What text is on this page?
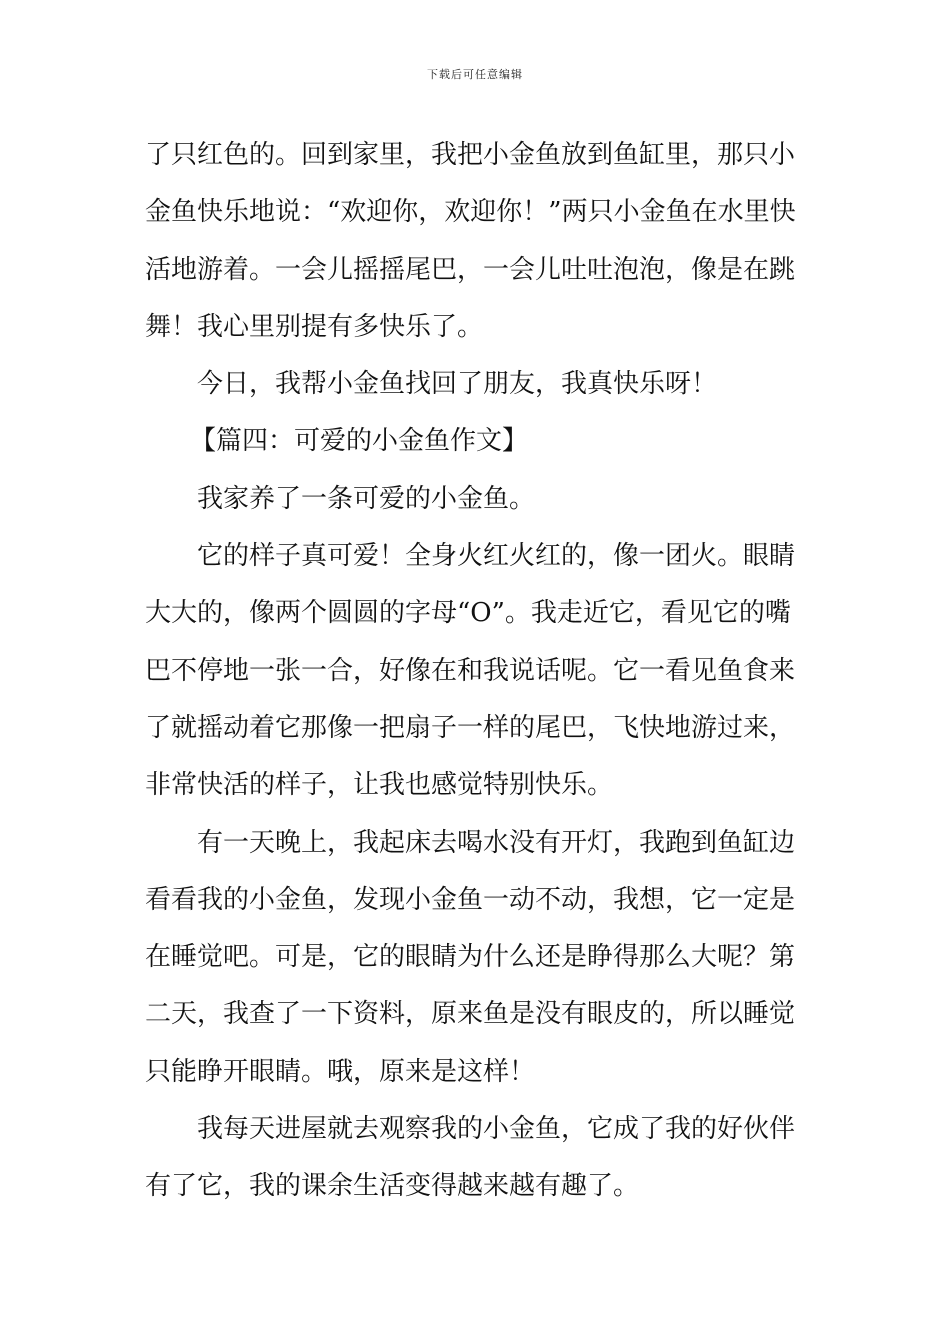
下载后可任意编辑

了只红色的。回到家里，我把小金鱼放到鱼缸里，那只小金鱼快乐地说：“欢迎你，欢迎你！”两只小金鱼在水里快活地游着。一会儿摇摇尾巴，一会儿吐吐泡泡，像是在跳舞！我心里别提有多快乐了。

今日，我帮小金鱼找回了朋友，我真快乐呀！

【篇四：可爱的小金鱼作文】

我家养了一条可爱的小金鱼。

它的样子真可爱！全身火红火红的，像一团火。眼睛大大的，像两个圆圆的字母“O”。我走近它，看见它的嘴巴不停地一张一合，好像在和我说话呢。它一看见鱼食来了就摇动着它那像一把扇子一样的尾巴，飞快地游过来，非常快活的样子，让我也感觉特别快乐。

有一天晚上，我起床去喝水没有开灯，我跑到鱼缸边看看我的小金鱼，发现小金鱼一动不动，我想，它一定是在睡觉吧。可是，它的眼睛为什么还是睁得那么大呢？第二天，我查了一下资料，原来鱼是没有眼皮的，所以睡觉只能睁开眼睛。哦，原来是这样！

我每天进屋就去观察我的小金鱼，它成了我的好伙伴有了它，我的课余生活变得越来越有趣了。
